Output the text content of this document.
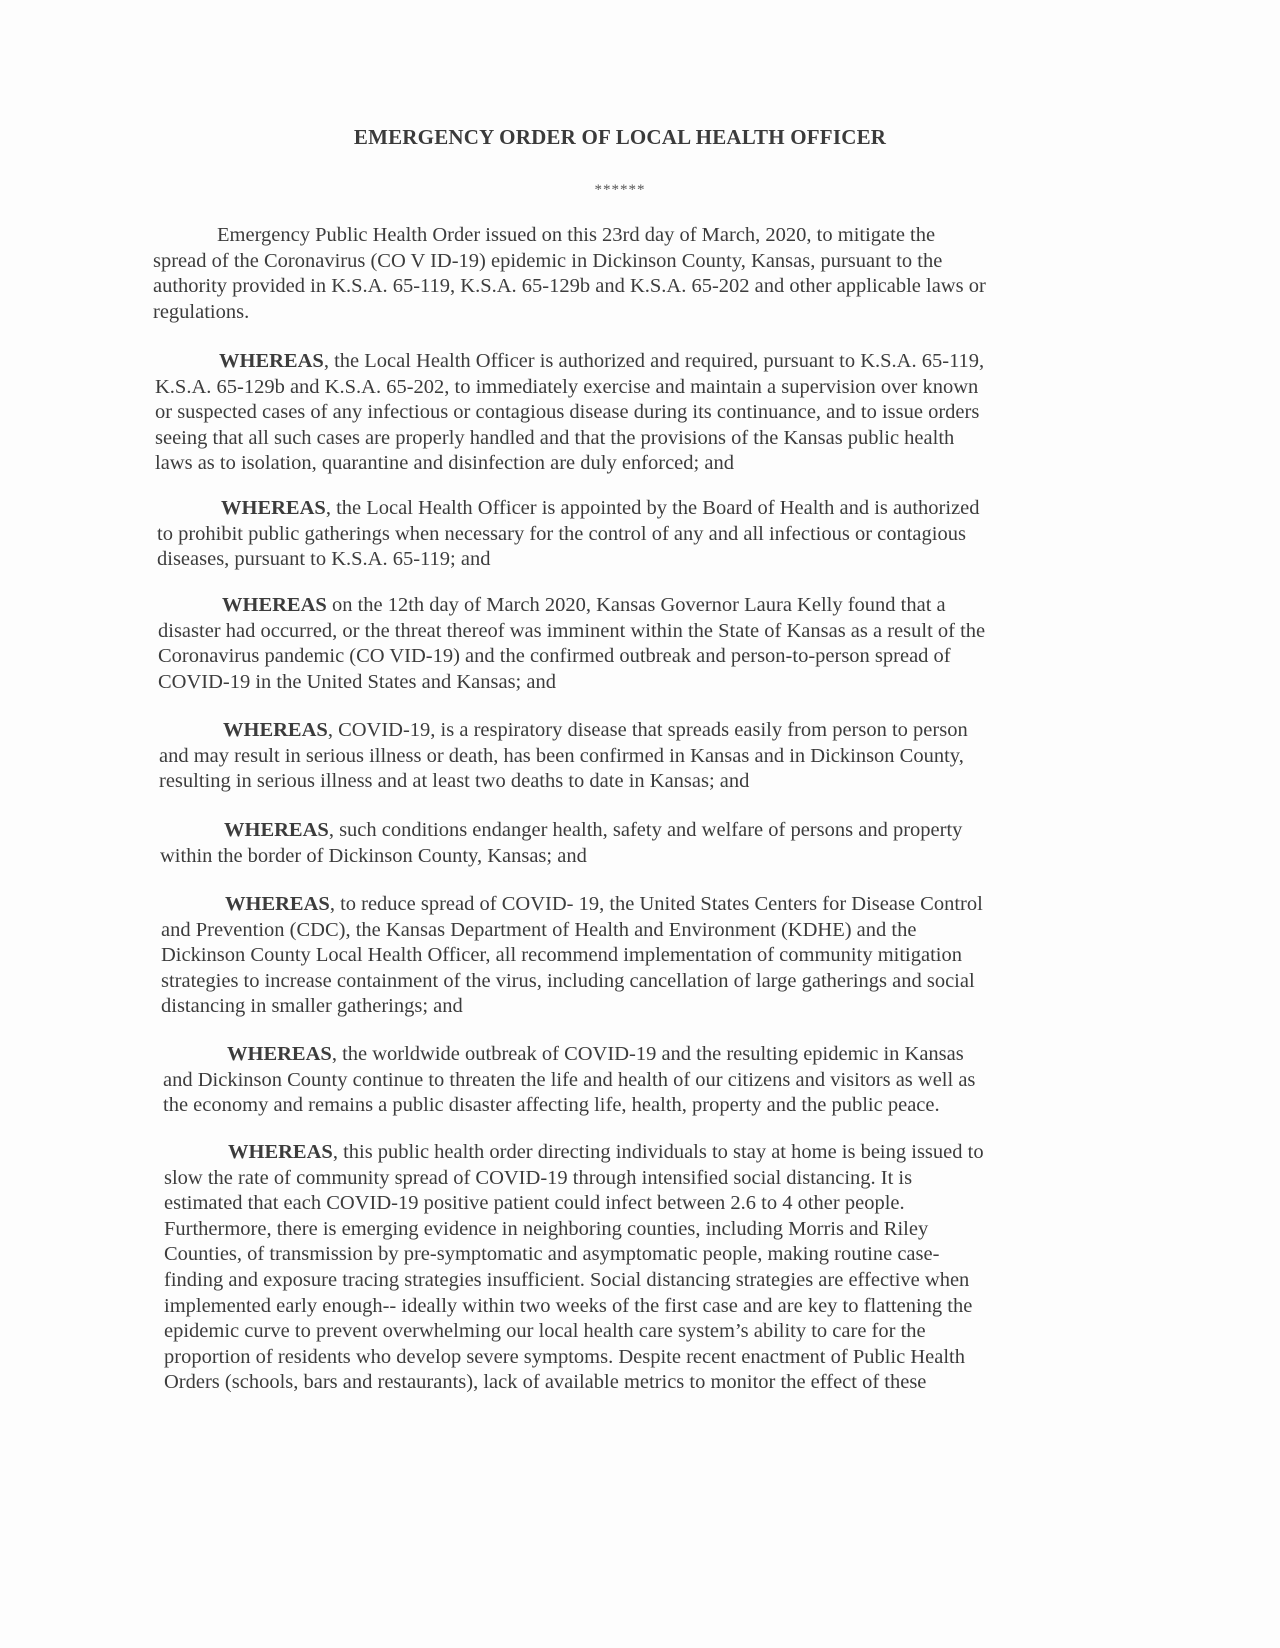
EMERGENCY ORDER OF LOCAL HEALTH OFFICER
******
Emergency Public Health Order issued on this 23rd day of March, 2020, to mitigate the
spread of the Coronavirus (CO V ID-19) epidemic in Dickinson County, Kansas, pursuant to the
authority provided in K.S.A. 65-119, K.S.A. 65-129b and K.S.A. 65-202 and other applicable laws or
regulations.
WHEREAS, the Local Health Officer is authorized and required, pursuant to K.S.A. 65-119,
K.S.A. 65-129b and K.S.A. 65-202, to immediately exercise and maintain a supervision over known
or suspected cases of any infectious or contagious disease during its continuance, and to issue orders
seeing that all such cases are properly handled and that the provisions of the Kansas public health
laws as to isolation, quarantine and disinfection are duly enforced; and
WHEREAS, the Local Health Officer is appointed by the Board of Health and is authorized
to prohibit public gatherings when necessary for the control of any and all infectious or contagious
diseases, pursuant to K.S.A. 65-119; and
WHEREAS on the 12th day of March 2020, Kansas Governor Laura Kelly found that a
disaster had occurred, or the threat thereof was imminent within the State of Kansas as a result of the
Coronavirus pandemic (CO VID-19) and the confirmed outbreak and person-to-person spread of
COVID-19 in the United States and Kansas; and
WHEREAS, COVID-19, is a respiratory disease that spreads easily from person to person
and may result in serious illness or death, has been confirmed in Kansas and in Dickinson County,
resulting in serious illness and at least two deaths to date in Kansas; and
WHEREAS, such conditions endanger health, safety and welfare of persons and property
within the border of Dickinson County, Kansas; and
WHEREAS, to reduce spread of COVID- 19, the United States Centers for Disease Control
and Prevention (CDC), the Kansas Department of Health and Environment (KDHE) and the
Dickinson County Local Health Officer, all recommend implementation of community mitigation
strategies to increase containment of the virus, including cancellation of large gatherings and social
distancing in smaller gatherings; and
WHEREAS, the worldwide outbreak of COVID-19 and the resulting epidemic in Kansas
and Dickinson County continue to threaten the life and health of our citizens and visitors as well as
the economy and remains a public disaster affecting life, health, property and the public peace.
WHEREAS, this public health order directing individuals to stay at home is being issued to
slow the rate of community spread of COVID-19 through intensified social distancing. It is
estimated that each COVID-19 positive patient could infect between 2.6 to 4 other people.
Furthermore, there is emerging evidence in neighboring counties, including Morris and Riley
Counties, of transmission by pre-symptomatic and asymptomatic people, making routine case-
finding and exposure tracing strategies insufficient. Social distancing strategies are effective when
implemented early enough-- ideally within two weeks of the first case and are key to flattening the
epidemic curve to prevent overwhelming our local health care system’s ability to care for the
proportion of residents who develop severe symptoms. Despite recent enactment of Public Health
Orders (schools, bars and restaurants), lack of available metrics to monitor the effect of these
